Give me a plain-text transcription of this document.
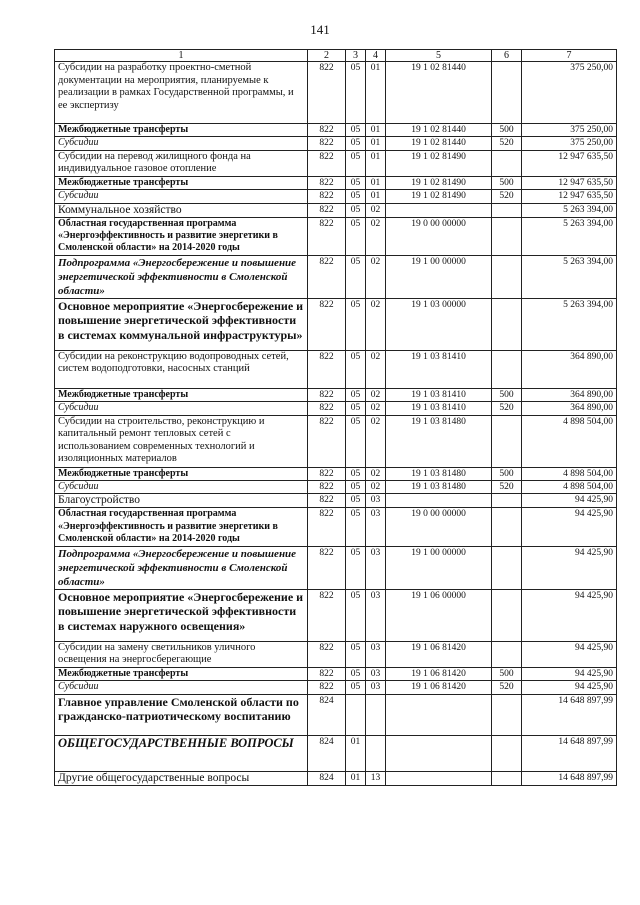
141
1	2	3	4	5	6	7
Субсидии на разработку проектно-сметной документации на мероприятия, планируемые к реализации в рамках Государственной программы, и ее экспертизу	822	05	01	19 1 02 81440		375 250,00
Межбюджетные трансферты	822	05	01	19 1 02 81440	500	375 250,00
Субсидии	822	05	01	19 1 02 81440	520	375 250,00
Субсидии на перевод жилищного фонда на индивидуальное газовое отопление	822	05	01	19 1 02 81490		12 947 635,50
Межбюджетные трансферты	822	05	01	19 1 02 81490	500	12 947 635,50
Субсидии	822	05	01	19 1 02 81490	520	12 947 635,50
Коммунальное хозяйство	822	05	02			5 263 394,00
Областная государственная программа «Энергоэффективность и развитие энергетики в Смоленской области» на 2014-2020 годы	822	05	02	19 0 00 00000		5 263 394,00
Подпрограмма «Энергосбережение и повышение энергетической эффективности в Смоленской области»	822	05	02	19 1 00 00000		5 263 394,00
Основное мероприятие «Энергосбережение и повышение энергетической эффективности в системах коммунальной инфраструктуры»	822	05	02	19 1 03 00000		5 263 394,00
Субсидии на реконструкцию водопроводных сетей, систем водоподготовки, насосных станций	822	05	02	19 1 03 81410		364 890,00
Межбюджетные трансферты	822	05	02	19 1 03 81410	500	364 890,00
Субсидии	822	05	02	19 1 03 81410	520	364 890,00
Субсидии на строительство, реконструкцию и капитальный ремонт тепловых сетей с использованием современных технологий и изоляционных материалов	822	05	02	19 1 03 81480		4 898 504,00
Межбюджетные трансферты	822	05	02	19 1 03 81480	500	4 898 504,00
Субсидии	822	05	02	19 1 03 81480	520	4 898 504,00
Благоустройство	822	05	03			94 425,90
Областная государственная программа «Энергоэффективность и развитие энергетики в Смоленской области» на 2014-2020 годы	822	05	03	19 0 00 00000		94 425,90
Подпрограмма «Энергосбережение и повышение энергетической эффективности в Смоленской области»	822	05	03	19 1 00 00000		94 425,90
Основное мероприятие «Энергосбережение и повышение энергетической эффективности в системах наружного освещения»	822	05	03	19 1 06 00000		94 425,90
Субсидии на замену светильников уличного освещения на энергосберегающие	822	05	03	19 1 06 81420		94 425,90
Межбюджетные трансферты	822	05	03	19 1 06 81420	500	94 425,90
Субсидии	822	05	03	19 1 06 81420	520	94 425,90
Главное управление Смоленской области по гражданско-патриотическому воспитанию	824					14 648 897,99
ОБЩЕГОСУДАРСТВЕННЫЕ ВОПРОСЫ	824	01				14 648 897,99
Другие общегосударственные вопросы	824	01	13			14 648 897,99
